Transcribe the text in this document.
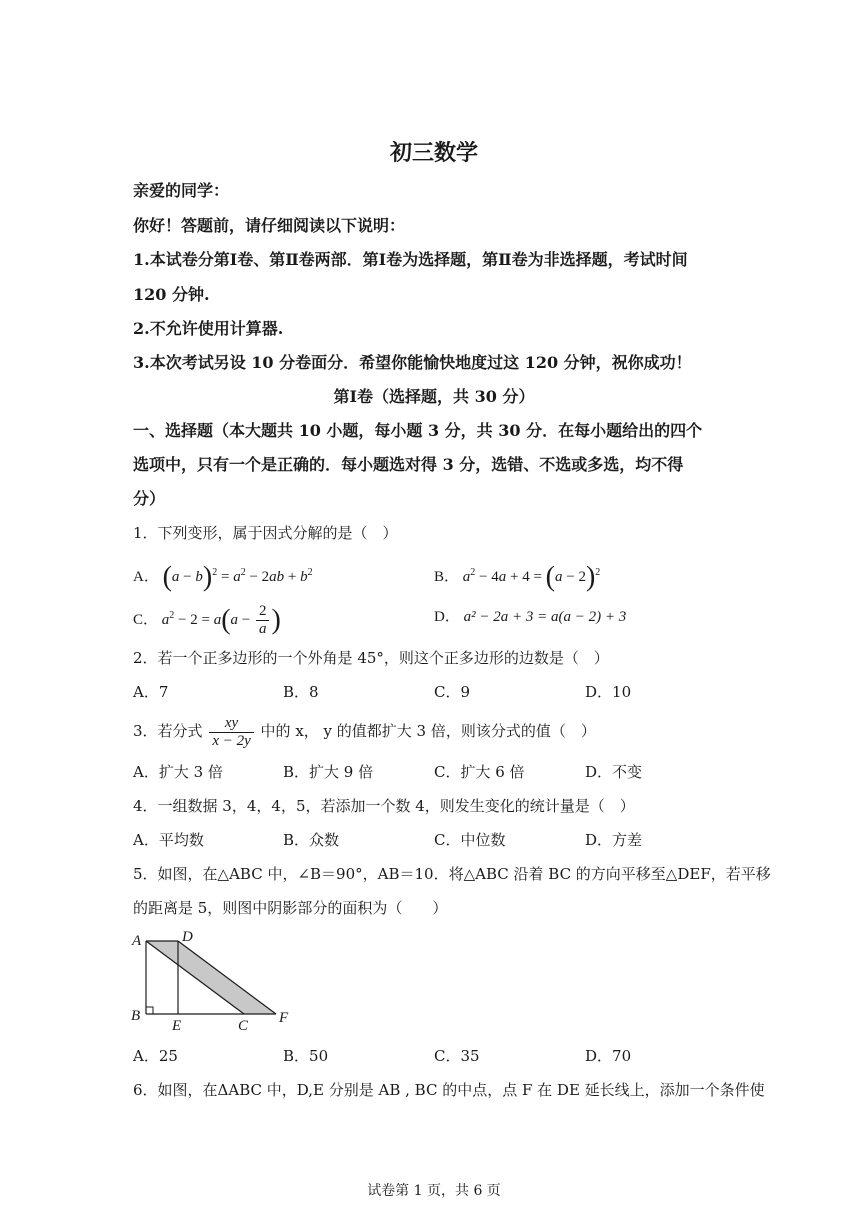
初三数学
亲爱的同学：
你好！答题前，请仔细阅读以下说明：
1.本试卷分第Ⅰ卷、第Ⅱ卷两部．第Ⅰ卷为选择题，第Ⅱ卷为非选择题，考试时间
120 分钟.
2.不允许使用计算器.
3.本次考试另设 10 分卷面分．希望你能愉快地度过这 120 分钟，祝你成功！
第Ⅰ卷（选择题，共 30 分）
一、选择题（本大题共 10 小题，每小题 3 分，共 30 分．在每小题给出的四个
选项中，只有一个是正确的．每小题选对得 3 分，选错、不选或多选，均不得
分）
1．下列变形，属于因式分解的是（　）
A． $(a - b)^2 = a^2 - 2ab + b^2$	B． $a^2 - 4a + 4 = (a - 2)^2$
C． $a^2 - 2 = a(a - \frac{2}{a}$ )	D． a² − 2a + 3 = a(a − 2) + 3
2．若一个正多边形的一个外角是 45°，则这个正多边形的边数是（　）
A．7	B．8	C．9	D．10
3．若分式 $\frac{xy}{x - 2y}$ 中的 x， y 的值都扩大 3 倍，则该分式的值（　）
A．扩大 3 倍	B．扩大 9 倍	C．扩大 6 倍	D．不变
4．一组数据 3，4，4，5，若添加一个数 4，则发生变化的统计量是（　）
A．平均数	B．众数	C．中位数	D．方差
5．如图，在△ABC 中，∠B＝90°，AB＝10．将△ABC 沿着 BC 的方向平移至△DEF，若平移
的距离是 5，则图中阴影部分的面积为（　　）
A	D
B
E	C F
A．25	B．50	C．35	D．70
6．如图，在ΔABC 中，D,E 分别是 AB , BC 的中点，点 F 在 DE 延长线上，添加一个条件使
试卷第 1 页，共 6 页
